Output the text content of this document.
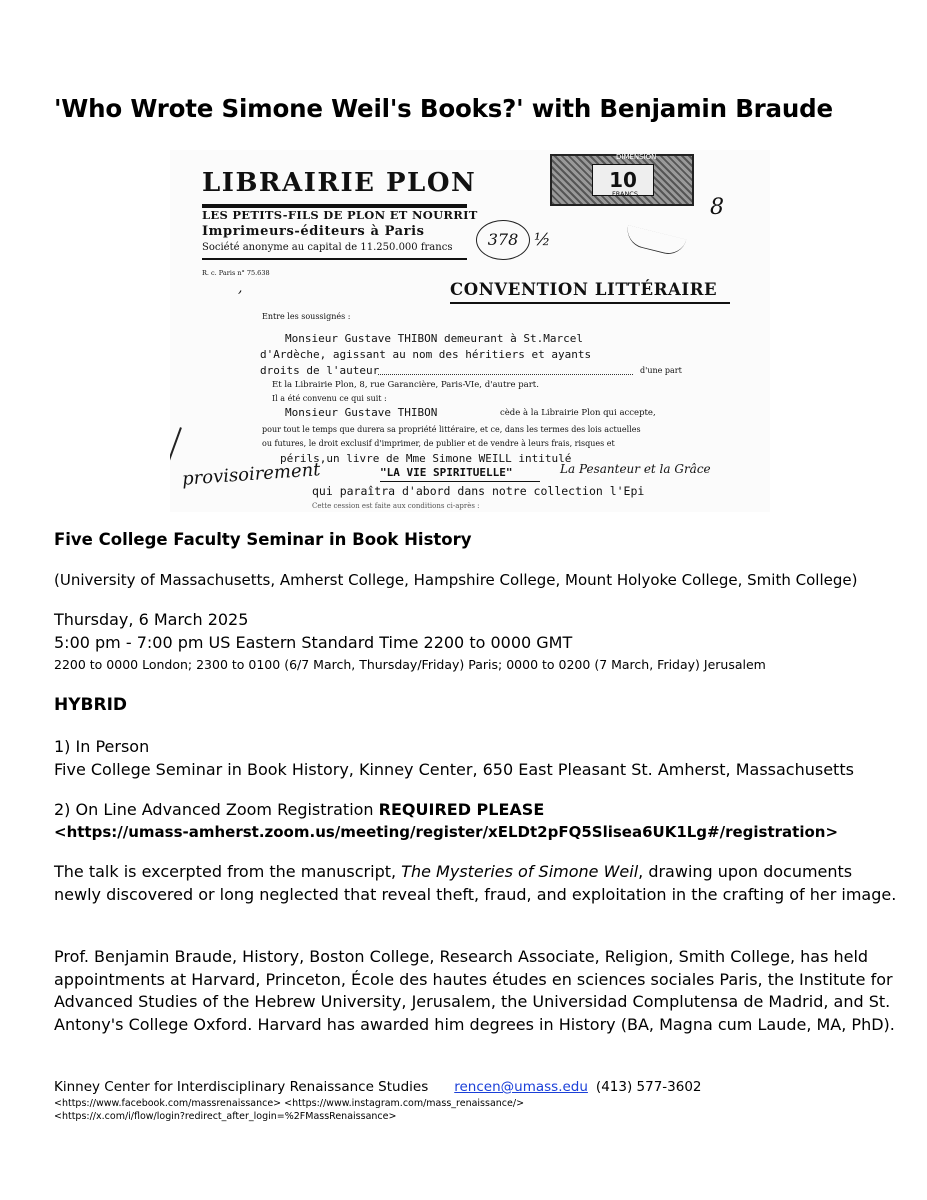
'Who Wrote Simone Weil's Books?' with Benjamin Braude
LIBRAIRIE PLON
LES PETITS-FILS DE PLON ET NOURRIT
Imprimeurs-éditeurs à Paris
Société anonyme au capital de 11.250.000 francs
R. c. Paris n° 75.638
378 ½
DIMENSION
10
FRANCS
8
,	CONVENTION LITTÉRAIRE
Entre les soussignés :
Monsieur Gustave THIBON demeurant à St.Marcel
d'Ardèche, agissant au nom des héritiers et ayants
droits de l'auteur	d'une part
Et la Librairie Plon, 8, rue Garancière, Paris-VIe, d'autre part.
Il a été convenu ce qui suit :
Monsieur Gustave THIBON	cède à la Librairie Plon qui accepte,
pour tout le temps que durera sa propriété littéraire, et ce, dans les termes des lois actuelles
ou futures, le droit exclusif d'imprimer, de publier et de vendre à leurs frais, risques et
périls,un livre de Mme Simone WEILL intitulé
provisoirement	"LA VIE SPIRITUELLE"	La Pesanteur et la Grâce
qui paraîtra d'abord dans notre collection l'Epi
Cette cession est faite aux conditions ci-après :
Five College Faculty Seminar in Book History
(University of Massachusetts, Amherst College, Hampshire College, Mount Holyoke College, Smith College)
Thursday, 6 March 2025
5:00 pm - 7:00 pm US Eastern Standard Time 2200 to 0000 GMT
2200 to 0000 London; 2300 to 0100 (6/7 March, Thursday/Friday) Paris; 0000 to 0200 (7 March, Friday) Jerusalem
HYBRID
1) In Person
Five College Seminar in Book History, Kinney Center, 650 East Pleasant St. Amherst, Massachusetts
2) On Line Advanced Zoom Registration REQUIRED PLEASE
<https://umass-amherst.zoom.us/meeting/register/xELDt2pFQ5Slisea6UK1Lg#/registration>
The talk is excerpted from the manuscript, The Mysteries of Simone Weil, drawing upon documents newly discovered or long neglected that reveal theft, fraud, and exploitation in the crafting of her image.
Prof. Benjamin Braude, History, Boston College, Research Associate, Religion, Smith College, has held appointments at Harvard, Princeton, École des hautes études en sciences sociales Paris, the Institute for Advanced Studies of the Hebrew University, Jerusalem, the Universidad Complutensa de Madrid, and St. Antony's College Oxford. Harvard has awarded him degrees in History (BA, Magna cum Laude, MA, PhD).
Kinney Center for Interdisciplinary Renaissance Studies rencen@umass.edu (413) 577-3602
<https://www.facebook.com/massrenaissance> <https://www.instagram.com/mass_renaissance/>
<https://x.com/i/flow/login?redirect_after_login=%2FMassRenaissance>
